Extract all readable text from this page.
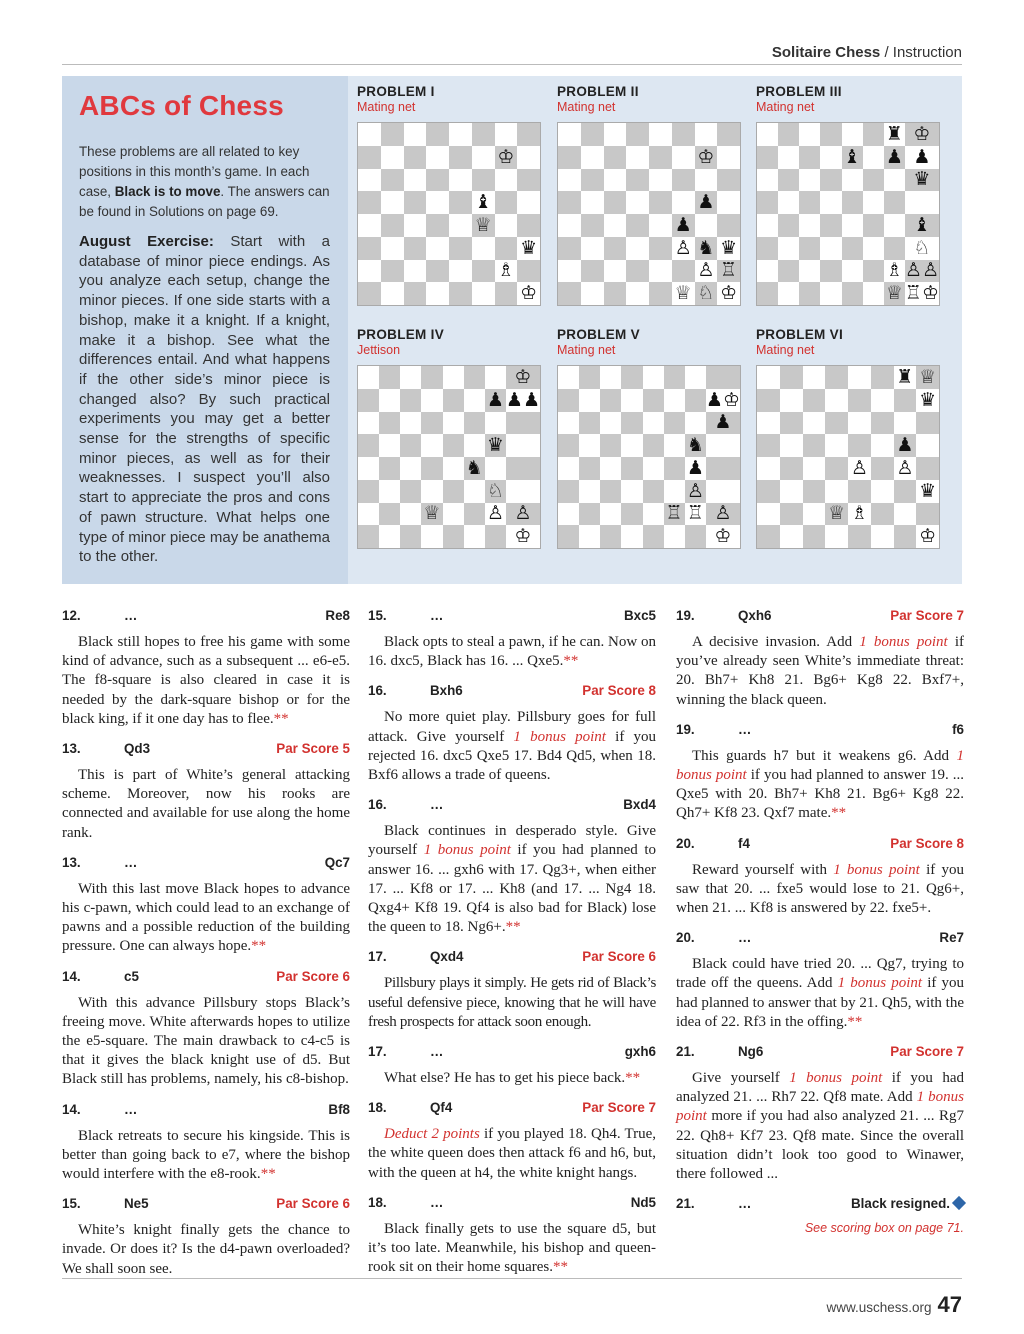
Solitaire Chess / Instruction
ABCs of Chess

These problems are all related to key positions in this month’s game. In each case, Black is to move. The answers can be found in Solutions on page 69.

August Exercise: Start with a database of minor piece endings. As you analyze each setup, change the minor pieces. If one side starts with a bishop, make it a knight. If a knight, make it a bishop. See what the differences entail. And what happens if the other side’s minor piece is changed also? By such practical experiments you may get a better sense for the strengths of specific minor pieces, as well as for their weaknesses. I suspect you’ll also start to appreciate the pros and cons of pawn structure. What helps one type of minor piece may be anathema to the other.

PROBLEM I
Mating net
♔
♝
♕
♛
♗
♔
PROBLEM II
Mating net
♔
♟
♟
♙ ♞ ♛
♙ ♖
♕ ♘ ♔
PROBLEM III
Mating net
♜ ♔
♝ ♟ ♟
♛
♝
♘
♗ ♙ ♙
♕ ♖ ♔
PROBLEM IV
Jettison
♔
♟ ♟ ♟
♛
♞
♘
♕ ♙ ♙
♔
PROBLEM V
Mating net
♟ ♔
♟
♞
♟
♙
♖ ♖ ♙
♔
PROBLEM VI
Mating net
♜ ♕
♛
♟
♙ ♙
♛
♕ ♗
♔
12.	…	Re8

Black still hopes to free his game with some kind of advance, such as a subsequent ... e6-e5. The f8-square is also cleared in case it is needed by the dark-square bishop or for the black king, if it one day has to flee.**

13.	Qd3	Par Score 5

This is part of White’s general attacking scheme. Moreover, now his rooks are connected and available for use along the home rank.

13.	…	Qc7

With this last move Black hopes to advance his c-pawn, which could lead to an exchange of pawns and a possible reduction of the building pressure. One can always hope.**

14.	c5	Par Score 6

With this advance Pillsbury stops Black’s freeing move. White afterwards hopes to utilize the e5-square. The main drawback to c4-c5 is that it gives the black knight use of d5. But Black still has problems, namely, his c8-bishop.

14.	…	Bf8

Black retreats to secure his kingside. This is better than going back to e7, where the bishop would interfere with the e8-rook.**

15.	Ne5	Par Score 6

White’s knight finally gets the chance to invade. Or does it? Is the d4-pawn overloaded? We shall soon see.

15.	…	Bxc5

Black opts to steal a pawn, if he can. Now on 16. dxc5, Black has 16. ... Qxe5.**

16.	Bxh6	Par Score 8

No more quiet play. Pillsbury goes for full attack. Give yourself 1 bonus point if you rejected 16. dxc5 Qxe5 17. Bd4 Qd5, when 18. Bxf6 allows a trade of queens.

16.	…	Bxd4

Black continues in desperado style. Give yourself 1 bonus point if you had planned to answer 16. ... gxh6 with 17. Qg3+, when either 17. ... Kf8 or 17. ... Kh8 (and 17. ... Ng4 18. Qxg4+ Kf8 19. Qf4 is also bad for Black) lose the queen to 18. Ng6+.**

17.	Qxd4	Par Score 6

Pillsbury plays it simply. He gets rid of Black’s useful defensive piece, knowing that he will have fresh prospects for attack soon enough.

17.	…	gxh6

What else? He has to get his piece back.**

18.	Qf4	Par Score 7

Deduct 2 points if you played 18. Qh4. True, the white queen does then attack f6 and h6, but, with the queen at h4, the white knight hangs.

18.	…	Nd5

Black finally gets to use the square d5, but it’s too late. Meanwhile, his bishop and queen-rook sit on their home squares.**

19.	Qxh6	Par Score 7

A decisive invasion. Add 1 bonus point if you’ve already seen White’s immediate threat: 20. Bh7+ Kh8 21. Bg6+ Kg8 22. Bxf7+, winning the black queen.

19.	…	f6

This guards h7 but it weakens g6. Add 1 bonus point if you had planned to answer 19. ... Qxe5 with 20. Bh7+ Kh8 21. Bg6+ Kg8 22. Qh7+ Kf8 23. Qxf7 mate.**

20.	f4	Par Score 8

Reward yourself with 1 bonus point if you saw that 20. ... fxe5 would lose to 21. Qg6+, when 21. ... Kf8 is answered by 22. fxe5+.

20.	…	Re7

Black could have tried 20. ... Qg7, trying to trade off the queens. Add 1 bonus point if you had planned to answer that by 21. Qh5, with the idea of 22. Rf3 in the offing.**

21.	Ng6	Par Score 7

Give yourself 1 bonus point if you had analyzed 21. ... Rh7 22. Qf8 mate. Add 1 bonus point more if you had also analyzed 21. ... Rg7 22. Qh8+ Kf7 23. Qf8 mate. Since the overall situation didn’t look too good to Winawer, there followed ...

21.	…	Black resigned.
See scoring box on page 71.
www.uschess.org 47
